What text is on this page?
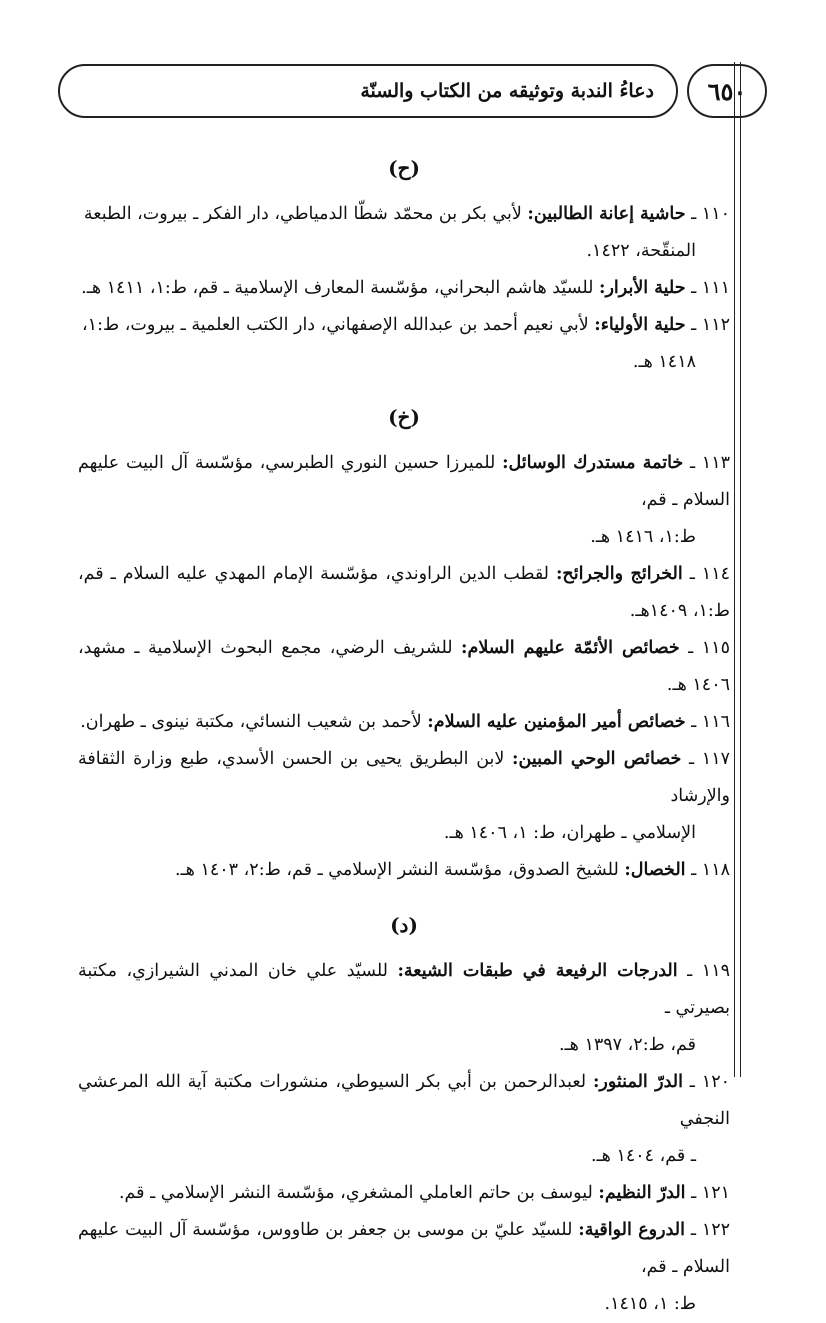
٦٥٠
دعاءُ الندبة وتوثيقه من الكتاب والسنّة
(ح)
١١٠ ـ حاشية إعانة الطالبين: لأبي بكر بن محمّد شطّا الدمياطي، دار الفكر ـ بيروت، الطبعة
المنقّحة، ١٤٢٢.
١١١ ـ حلية الأبرار: للسيّد هاشم البحراني، مؤسّسة المعارف الإسلامية ـ قم، ط:١، ١٤١١ هـ.
١١٢ ـ حلية الأولياء: لأبي نعيم أحمد بن عبدالله الإصفهاني، دار الكتب العلمية ـ بيروت، ط:١،
١٤١٨ هـ.
(خ)
١١٣ ـ خاتمة مستدرك الوسائل: للميرزا حسين النوري الطبرسي، مؤسّسة آل البيت عليهم السلام ـ قم،
ط:١، ١٤١٦ هـ.
١١٤ ـ الخرائج والجرائح: لقطب الدين الراوندي، مؤسّسة الإمام المهدي عليه السلام ـ قم، ط:١، ١٤٠٩هـ.
١١٥ ـ خصائص الأئمّة عليهم السلام: للشريف الرضي، مجمع البحوث الإسلامية ـ مشهد، ١٤٠٦ هـ.
١١٦ ـ خصائص أمير المؤمنين عليه السلام: لأحمد بن شعيب النسائي، مكتبة نينوى ـ طهران.
١١٧ ـ خصائص الوحي المبين: لابن البطريق يحيى بن الحسن الأسدي، طبع وزارة الثقافة والإرشاد
الإسلامي ـ طهران، ط: ١، ١٤٠٦ هـ.
١١٨ ـ الخصال: للشيخ الصدوق، مؤسّسة النشر الإسلامي ـ قم، ط:٢، ١٤٠٣ هـ.
(د)
١١٩ ـ الدرجات الرفيعة في طبقات الشيعة: للسيّد علي خان المدني الشيرازي، مكتبة بصيرتي ـ
قم، ط:٢، ١٣٩٧ هـ.
١٢٠ ـ الدرّ المنثور: لعبدالرحمن بن أبي بكر السيوطي، منشورات مكتبة آية الله المرعشي النجفي
ـ قم، ١٤٠٤ هـ.
١٢١ ـ الدرّ النظيم: ليوسف بن حاتم العاملي المشغري، مؤسّسة النشر الإسلامي ـ قم.
١٢٢ ـ الدروع الواقية: للسيّد عليّ بن موسى بن جعفر بن طاووس، مؤسّسة آل البيت عليهم السلام ـ قم،
ط: ١، ١٤١٥.
